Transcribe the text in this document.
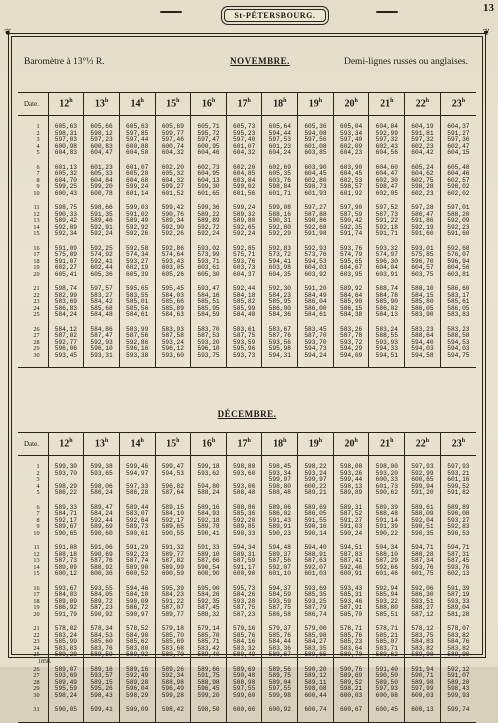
St-PÉTERSBOURG.
13
❦	❦
Baromètre à 13°⅓ R.	NOVEMBRE.	Demi-lignes russes ou anglaises.
Date.	12$^h$	13$^h$	14$^h$	15$^h$	16$^h$	17$^h$	18$^h$	19$^h$	20$^h$	21$^h$	22$^h$	23$^h$

1	605,63	605,66	605,63	605,69	605,71	605,73	605,64	605,36	605,04	604,84	604,19	604,37
2	598,31	598,12	597,85	599,77	595,72	595,23	594,44	594,08	593,34	592,99	591,81	591,27
3	597,03	597,23	597,44	597,46	597,47	597,40	597,53	597,56	597,40	597,32	597,32	597,36
4	600,98	600,83	600,88	600,74	600,95	601,07	601,23	601,08	602,09	602,43	602,23	602,47
5	604,83	604,47	604,50	604,32	604,46	604,32	604,24	603,85	604,23	604,56	604,42	604,15

6	601,13	601,23	601,07	602,20	602,73	602,20	602,69	603,90	603,90	604,60	605,24	605,48
7	605,32	605,33	605,20	605,32	604,95	604,85	605,35	604,45	604,45	604,47	604,62	604,46
8	604,70	604,84	604,68	604,32	604,13	603,84	603,76	602,80	602,53	602,30	602,75	602,57
9	599,25	599,20	599,24	599,27	599,30	599,02	598,84	598,73	598,57	598,47	598,28	598,02
10	600,43	600,78	601,14	601,52	601,65	601,56	601,71	601,93	601,92	602,05	602,23	602,02

11	598,75	598,66	599,03	599,42	599,36	599,24	599,08	597,27	597,90	597,52	597,28	597,01
12	590,33	591,35	591,02	590,76	589,22	589,32	588,16	587,88	587,59	587,73	586,47	588,20
13	589,42	589,46	589,49	589,34	589,89	589,80	590,31	590,86	590,42	591,22	591,86	592,09
14	592,89	592,91	592,92	592,90	592,72	592,65	592,80	592,68	592,35	592,18	592,19	592,23
15	592,34	592,24	592,26	592,26	592,24	592,24	592,29	591,98	591,74	591,71	591,60	591,60

16	591,09	592,25	592,58	592,86	593,02	592,85	592,83	592,93	593,76	593,32	593,01	592,68
17	575,09	574,92	574,34	574,64	573,99	575,71	573,72	573,76	574,79	574,97	575,85	576,07
18	591,07	592,41	593,27	593,43	593,71	593,76	594,41	594,53	595,65	596,30	596,70	596,94
19	602,27	602,44	602,19	603,05	603,61	603,73	603,98	604,03	604,67	604,04	604,57	604,56
20	605,41	605,36	605,39	605,26	605,30	604,37	604,35	603,92	603,95	603,91	603,75	603,81

21	598,74	597,57	595,65	595,45	593,47	592,44	592,30	591,20	589,92	588,74	588,10	586,60
22	582,99	583,27	583,55	584,03	584,16	584,18	584,23	584,49	584,64	584,78	584,15	583,17
23	583,69	584,42	585,01	585,66	585,51	585,82	585,95	586,04	585,90	585,90	585,80	585,61
24	586,83	585,68	585,56	585,89	585,95	585,99	586,00	586,00	586,15	586,02	586,05	586,05
25	584,24	584,48	584,61	584,63	584,59	584,48	584,36	584,61	584,38	584,13	583,90	583,83

26	584,12	584,86	583,99	583,93	583,70	583,61	583,67	583,45	583,26	583,24	583,23	583,23
27	587,02	587,47	587,56	587,58	587,53	587,75	587,76	587,70	587,78	588,55	588,64	588,58
28	592,77	592,93	592,86	593,24	593,20	593,59	593,56	593,70	593,72	593,93	594,40	594,53
29	596,06	596,10	596,16	596,12	596,10	595,96	595,98	594,73	594,29	594,33	594,03	594,03
30	593,45	593,31	593,38	593,60	593,75	593,73	594,31	594,24	594,09	594,51	594,58	594,75

DÉCEMBRE.
Date.	12$^h$	13$^h$	14$^h$	15$^h$	16$^h$	17$^h$	18$^h$	19$^h$	20$^h$	21$^h$	22$^h$	23$^h$

1	599,30	599,38	599,46	599,47	599,18	598,80	598,45	598,22	598,08	598,00	597,93	597,93
2	593,70	593,65	594,97	594,53	593,62	593,60	593,34	593,24	593,26	593,20	592,99	593,21
3							599,97	599,97	599,44	600,33	600,65	601,16
4	598,29	598,06	597,33	596,82	594,80	593,06	598,80	600,22	598,13	601,73	599,94	599,52
5	586,22	586,24	586,28	587,64	588,24	588,48	588,48	589,21	589,89	590,62	591,20	591,82

6	589,33	589,47	589,44	589,15	589,16	588,86	589,06	589,69	589,31	589,39	589,61	589,89
7	584,71	584,24	583,07	584,10	584,93	585,36	586,02	586,05	587,52	588,48	588,09	590,08
8	592,17	592,44	592,64	592,17	592,18	592,20	591,43	591,55	591,27	591,14	592,04	593,27
9	589,67	589,69	589,73	589,65	589,78	589,85	589,91	590,16	591,03	591,39	590,51	592,83
10	590,65	590,60	590,61	590,55	590,41	590,33	590,23	590,14	590,24	590,22	590,35	590,53

11	591,08	591,06	591,29	591,32	591,33	594,34	594,48	594,40	594,51	594,34	594,71	594,71
12	588,18	590,69	592,23	589,77	589,10	589,31	589,37	588,91	587,83	588,10	588,28	587,31
13	587,73	587,76	587,74	587,82	587,66	587,59	587,56	587,63	587,41	587,29	587,34	587,45
14	589,09	588,92	589,90	589,99	590,54	591,17	592,07	592,07	592,46	592,66	593,76	593,76
15	600,12	600,36	600,52	600,59	600,90	600,90	601,10	601,03	600,91	601,46	601,75	602,13

16	593,67	593,55	594,46	595,39	595,00	595,73	594,37	593,69	593,43	592,94	592,06	591,39
17	584,03	584,05	584,10	584,23	584,26	584,26	584,59	585,35	585,31	585,94	586,30	587,19
18	589,09	589,72	590,09	591,22	592,35	593,28	593,59	593,25	593,46	593,22	593,51	593,33
19	586,92	587,23	586,72	587,07	587,45	587,75	587,75	587,79	587,91	588,80	588,27	589,04
20	591,79	590,92	590,97	589,77	588,32	587,23	586,58	586,74	585,70	585,51	587,12	581,28

21	578,02	578,34	578,52	579,18	579,14	579,16	579,37	579,00	578,71	578,71	578,12	578,07
22	583,24	584,53	584,90	585,70	585,70	585,76	585,76	585,98	585,76	585,21	583,75	583,82
23	585,99	585,60	585,62	585,69	585,71	584,16	584,44	584,27	585,23	585,07	584,83	584,76
24	583,83	583,76	583,80	583,68	583,42	583,32	583,36	583,35	583,64	583,71	583,82	583,82
25	589,29	589,59	589,92	589,70	589,40	589,49	589,67	589,65	589,70	589,62	589,90	589,90

26	589,07	589,16	589,16	589,26	589,66	589,69	589,56	590,20	590,76	591,40	591,94	592,12
27	593,69	593,57	592,49	592,34	591,75	590,48	589,75	589,12	589,69	590,50	590,71	591,07
28	589,49	589,15	589,28	588,98	588,98	588,98	589,04	589,11	589,52	589,50	589,98	589,20
29	595,59	595,26	596,04	596,49	596,45	597,55	597,55	598,08	598,21	597,93	597,99	598,43
30	598,24	598,43	598,29	599,28	599,20	599,60	599,98	600,44	600,03	600,08	600,03	599,93

31	590,05	599,41	599,09	598,42	598,50	600,66	600,92	600,74	600,67	600,45	600,13	599,74

1858.
